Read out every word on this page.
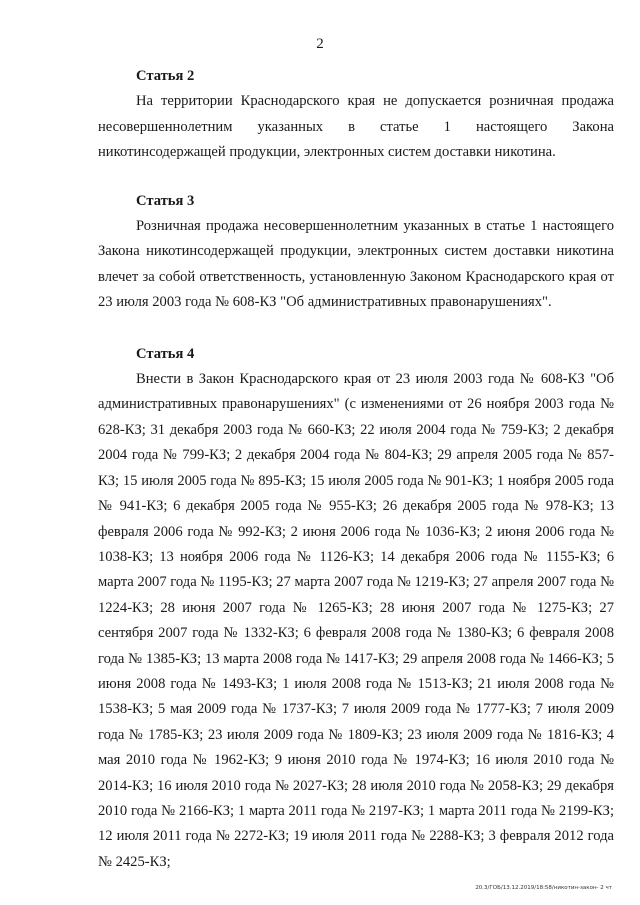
2

Статья 2

На территории Краснодарского края не допускается розничная продажа несовершеннолетним указанных в статье 1 настоящего Закона никотинсодержащей продукции, электронных систем доставки никотина.

Статья 3

Розничная продажа несовершеннолетним указанных в статье 1 настоящего Закона никотинсодержащей продукции, электронных систем доставки никотина влечет за собой ответственность, установленную Законом Краснодарского края от 23 июля 2003 года № 608-КЗ "Об административных правонарушениях".

Статья 4

Внести в Закон Краснодарского края от 23 июля 2003 года № 608-КЗ "Об административных правонарушениях" (с изменениями от 26 ноября 2003 года № 628-КЗ; 31 декабря 2003 года № 660-КЗ; 22 июля 2004 года № 759-КЗ; 2 декабря 2004 года № 799-КЗ; 2 декабря 2004 года № 804-КЗ; 29 апреля 2005 года № 857-КЗ; 15 июля 2005 года № 895-КЗ; 15 июля 2005 года № 901-КЗ; 1 ноября 2005 года № 941-КЗ; 6 декабря 2005 года № 955-КЗ; 26 декабря 2005 года № 978-КЗ; 13 февраля 2006 года № 992-КЗ; 2 июня 2006 года № 1036-КЗ; 2 июня 2006 года № 1038-КЗ; 13 ноября 2006 года № 1126-КЗ; 14 декабря 2006 года № 1155-КЗ; 6 марта 2007 года № 1195-КЗ; 27 марта 2007 года № 1219-КЗ; 27 апреля 2007 года № 1224-КЗ; 28 июня 2007 года № 1265-КЗ; 28 июня 2007 года № 1275-КЗ; 27 сентября 2007 года № 1332-КЗ; 6 февраля 2008 года № 1380-КЗ; 6 февраля 2008 года № 1385-КЗ; 13 марта 2008 года № 1417-КЗ; 29 апреля 2008 года № 1466-КЗ; 5 июня 2008 года № 1493-КЗ; 1 июля 2008 года № 1513-КЗ; 21 июля 2008 года № 1538-КЗ; 5 мая 2009 года № 1737-КЗ; 7 июля 2009 года № 1777-КЗ; 7 июля 2009 года № 1785-КЗ; 23 июля 2009 года № 1809-КЗ; 23 июля 2009 года № 1816-КЗ; 4 мая 2010 года № 1962-КЗ; 9 июня 2010 года № 1974-КЗ; 16 июля 2010 года № 2014-КЗ; 16 июля 2010 года № 2027-КЗ; 28 июля 2010 года № 2058-КЗ; 29 декабря 2010 года № 2166-КЗ; 1 марта 2011 года № 2197-КЗ; 1 марта 2011 года № 2199-КЗ; 12 июля 2011 года № 2272-КЗ; 19 июля 2011 года № 2288-КЗ; 3 февраля 2012 года № 2425-КЗ;

20.3/ГОБ/13.12.2019/18:58/никотин-закон- 2 чт
